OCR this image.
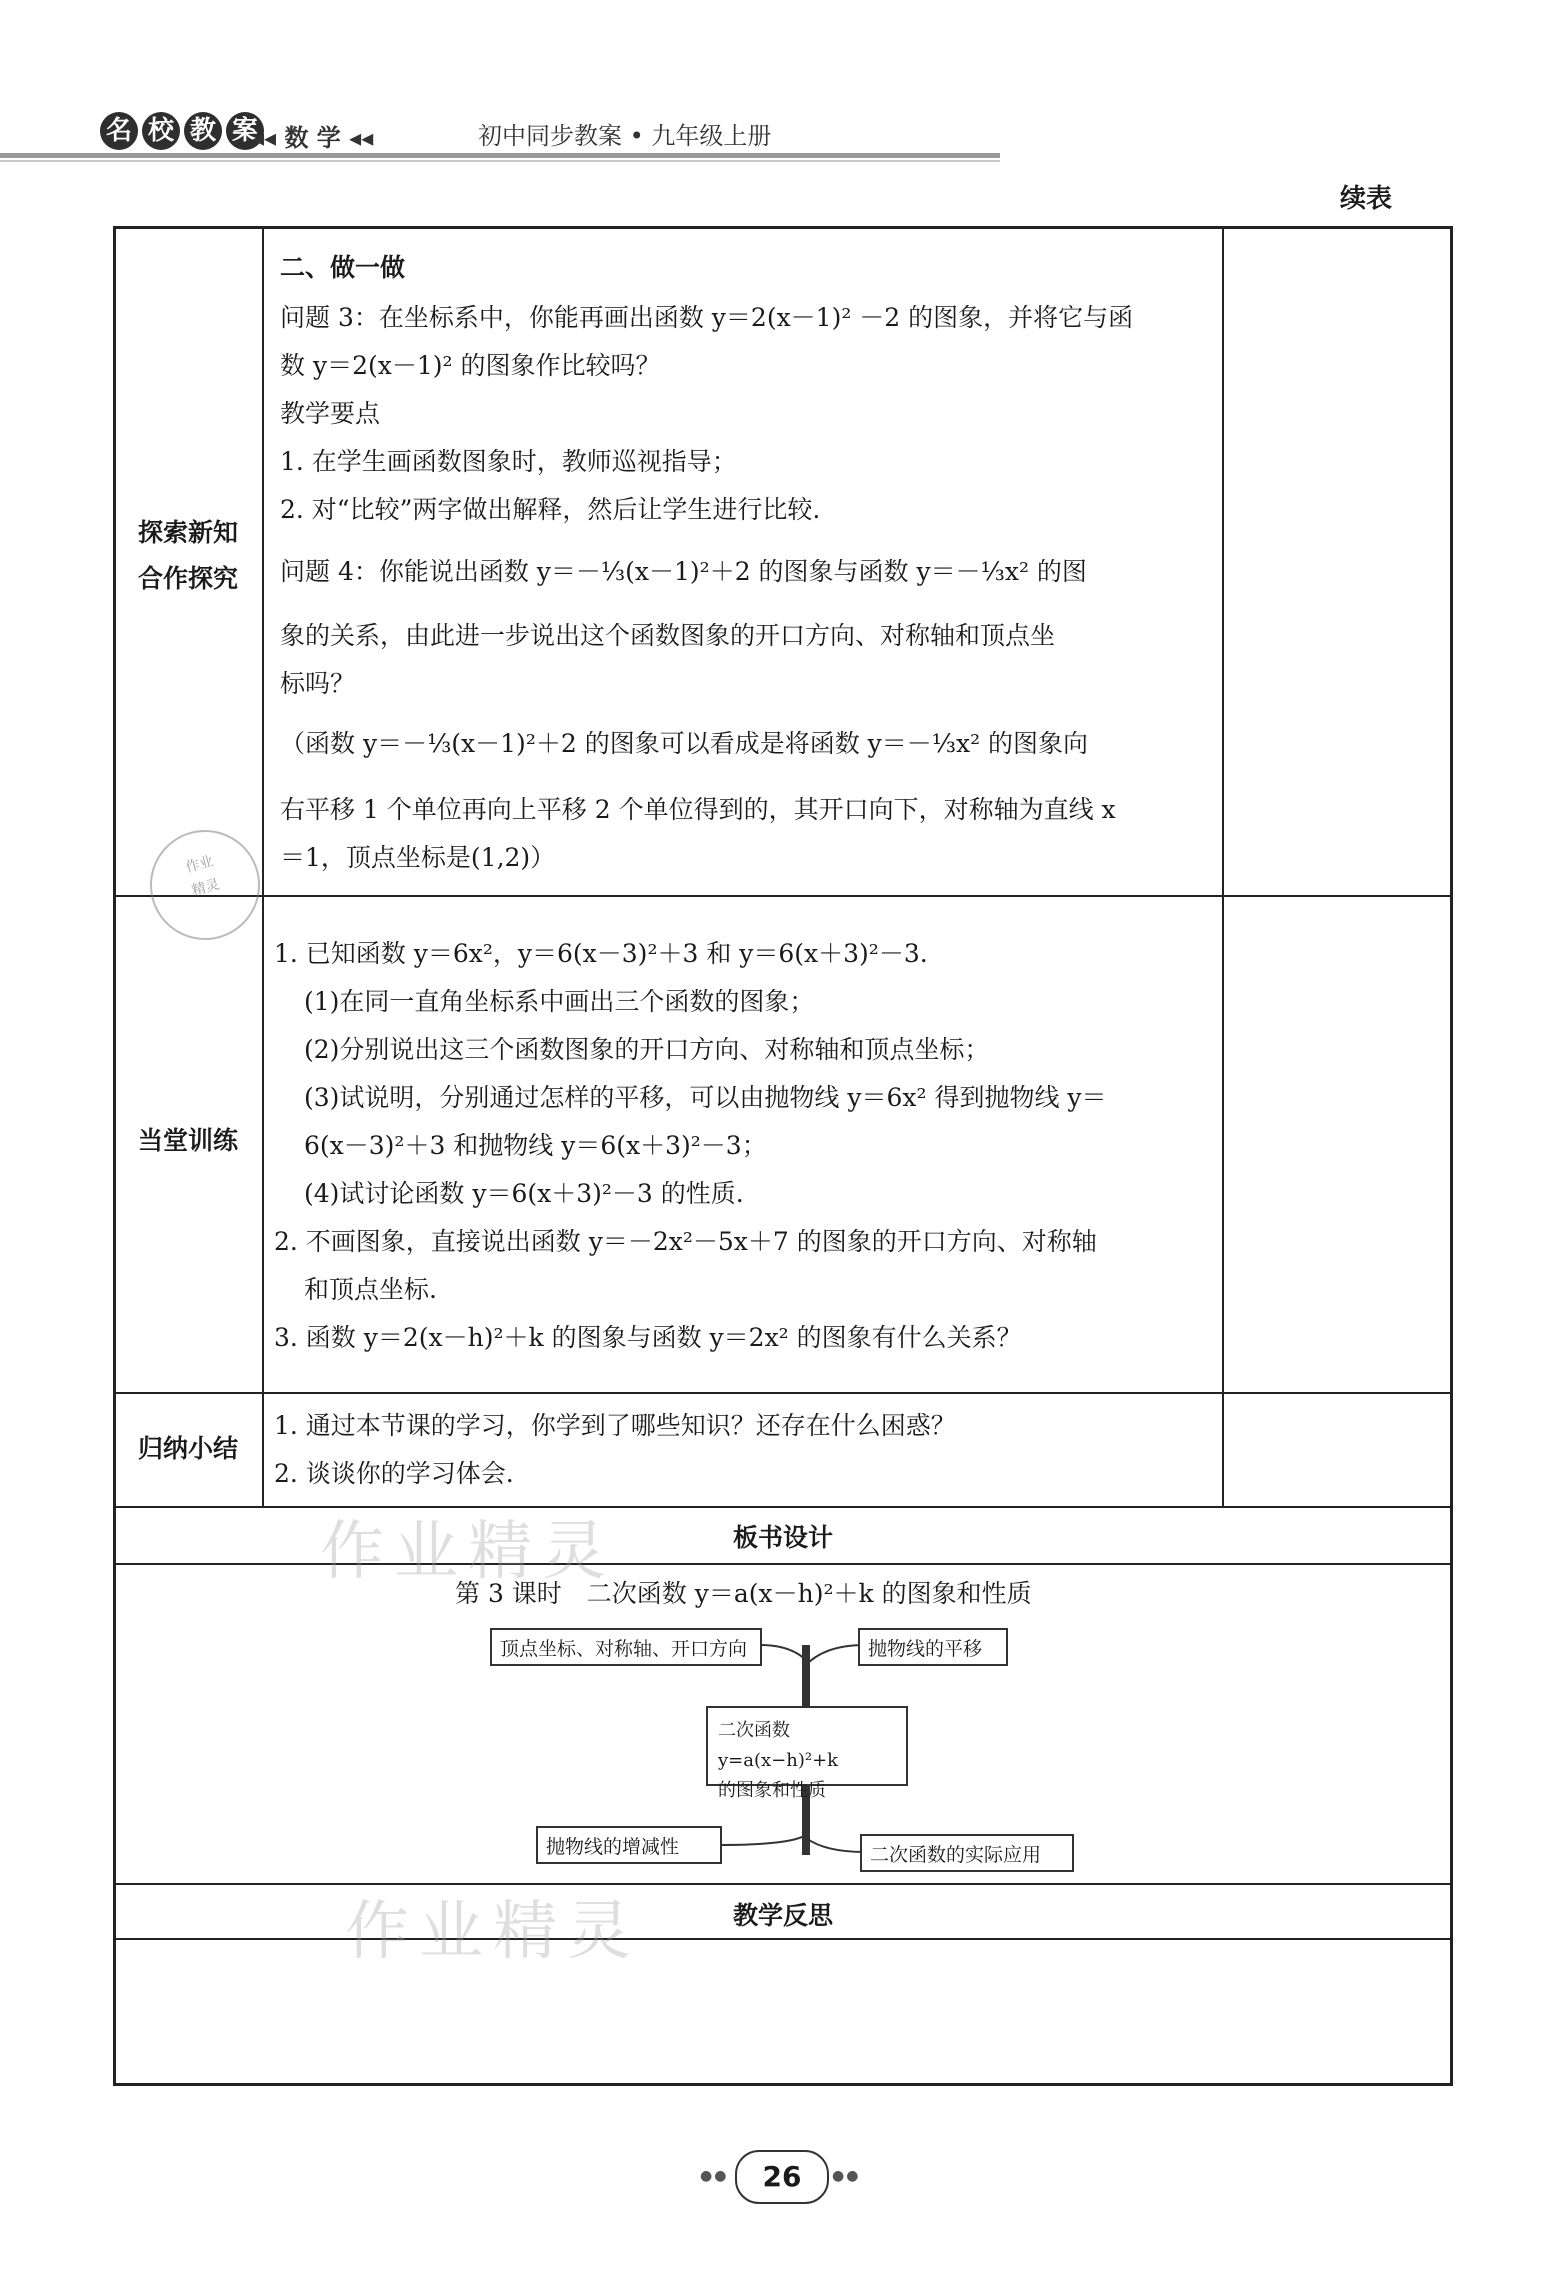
名 校 教 案
◂◂ 数 学 ◂◂	初中同步教案 • 九年级上册
续表
探索新知
合作探究
二、做一做
问题 3：在坐标系中，你能再画出函数 y＝2(x－1)² －2 的图象，并将它与函
数 y＝2(x－1)² 的图象作比较吗？
教学要点
1. 在学生画函数图象时，教师巡视指导；
2. 对“比较”两字做出解释，然后让学生进行比较.
问题 4：你能说出函数 y＝－⅓(x－1)²＋2 的图象与函数 y＝－⅓x² 的图
象的关系，由此进一步说出这个函数图象的开口方向、对称轴和顶点坐
标吗？
（函数 y＝－⅓(x－1)²＋2 的图象可以看成是将函数 y＝－⅓x² 的图象向
右平移 1 个单位再向上平移 2 个单位得到的，其开口向下，对称轴为直线 x
＝1，顶点坐标是(1,2)）
作业
精灵
当堂训练
1. 已知函数 y＝6x²，y＝6(x－3)²＋3 和 y＝6(x＋3)²－3.
(1)在同一直角坐标系中画出三个函数的图象；
(2)分别说出这三个函数图象的开口方向、对称轴和顶点坐标；
(3)试说明，分别通过怎样的平移，可以由抛物线 y＝6x² 得到抛物线 y＝
6(x－3)²＋3 和抛物线 y＝6(x＋3)²－3；
(4)试讨论函数 y＝6(x＋3)²－3 的性质.
2. 不画图象，直接说出函数 y＝－2x²－5x＋7 的图象的开口方向、对称轴
和顶点坐标.
3. 函数 y＝2(x－h)²＋k 的图象与函数 y＝2x² 的图象有什么关系？
归纳小结
1. 通过本节课的学习，你学到了哪些知识？还存在什么困惑？
2. 谈谈你的学习体会.
板书设计
第 3 课时　二次函数 y＝a(x－h)²＋k 的图象和性质
顶点坐标、对称轴、开口方向	抛物线的平移
二次函数y=a(x−h)²+k
的图象和性质
抛物线的增减性	二次函数的实际应用
教学反思
作业精灵
作业精灵
●●	26	●●
